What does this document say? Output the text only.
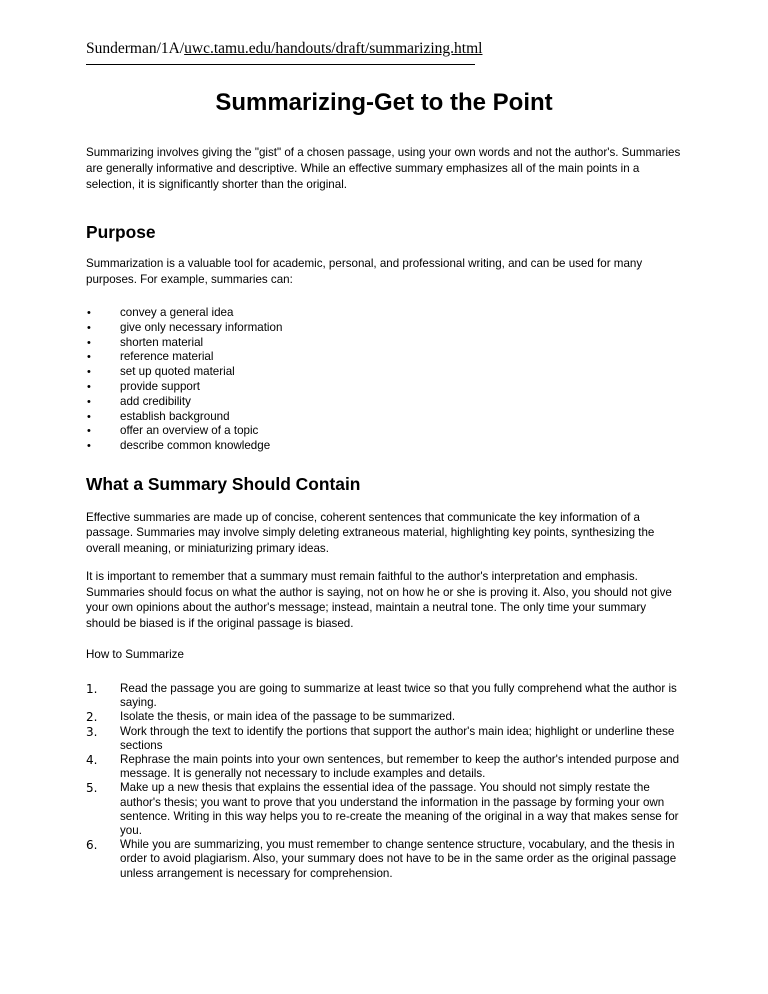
Sunderman/1A/uwc.tamu.edu/handouts/draft/summarizing.html
Summarizing-Get to the Point

Summarizing involves giving the "gist" of a chosen passage, using your own words and not the author's. Summaries are generally informative and descriptive. While an effective summary emphasizes all of the main points in a selection, it is significantly shorter than the original.

Purpose

Summarization is a valuable tool for academic, personal, and professional writing, and can be used for many purposes. For example, summaries can:

•	convey a general idea
•	give only necessary information
•	shorten material
•	reference material
•	set up quoted material
•	provide support
•	add credibility
•	establish background
•	offer an overview of a topic
•	describe common knowledge
What a Summary Should Contain

Effective summaries are made up of concise, coherent sentences that communicate the key information of a passage. Summaries may involve simply deleting extraneous material, highlighting key points, synthesizing the overall meaning, or miniaturizing primary ideas.

It is important to remember that a summary must remain faithful to the author's interpretation and emphasis. Summaries should focus on what the author is saying, not on how he or she is proving it. Also, you should not give your own opinions about the author's message; instead, maintain a neutral tone. The only time your summary should be biased is if the original passage is biased.

How to Summarize

1. Read the passage you are going to summarize at least twice so that you fully comprehend what the author is saying.
2. Isolate the thesis, or main idea of the passage to be summarized.
3. Work through the text to identify the portions that support the author's main idea; highlight or underline these sections
4. Rephrase the main points into your own sentences, but remember to keep the author's intended purpose and message. It is generally not necessary to include examples and details.
5. Make up a new thesis that explains the essential idea of the passage. You should not simply restate the author's thesis; you want to prove that you understand the information in the passage by forming your own sentence. Writing in this way helps you to re-create the meaning of the original in a way that makes sense for you.
6. While you are summarizing, you must remember to change sentence structure, vocabulary, and the thesis in order to avoid plagiarism. Also, your summary does not have to be in the same order as the original passage unless arrangement is necessary for comprehension.
